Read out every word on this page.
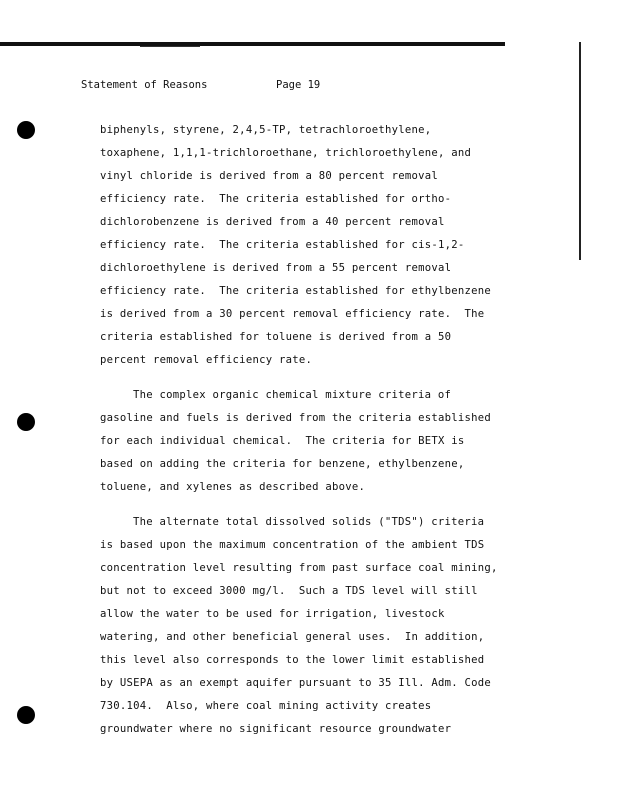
Statement of Reasons	Page 19
biphenyls, styrene, 2,4,5-TP, tetrachloroethylene,
toxaphene, 1,1,1-trichloroethane, trichloroethylene, and
vinyl chloride is derived from a 80 percent removal
efficiency rate.  The criteria established for ortho-
dichlorobenzene is derived from a 40 percent removal
efficiency rate.  The criteria established for cis-1,2-
dichloroethylene is derived from a 55 percent removal
efficiency rate.  The criteria established for ethylbenzene
is derived from a 30 percent removal efficiency rate.  The
criteria established for toluene is derived from a 50
percent removal efficiency rate.
The complex organic chemical mixture criteria of
gasoline and fuels is derived from the criteria established
for each individual chemical.  The criteria for BETX is
based on adding the criteria for benzene, ethylbenzene,
toluene, and xylenes as described above.
The alternate total dissolved solids ("TDS") criteria
is based upon the maximum concentration of the ambient TDS
concentration level resulting from past surface coal mining,
but not to exceed 3000 mg/l.  Such a TDS level will still
allow the water to be used for irrigation, livestock
watering, and other beneficial general uses.  In addition,
this level also corresponds to the lower limit established
by USEPA as an exempt aquifer pursuant to 35 Ill. Adm. Code
730.104.  Also, where coal mining activity creates
groundwater where no significant resource groundwater
